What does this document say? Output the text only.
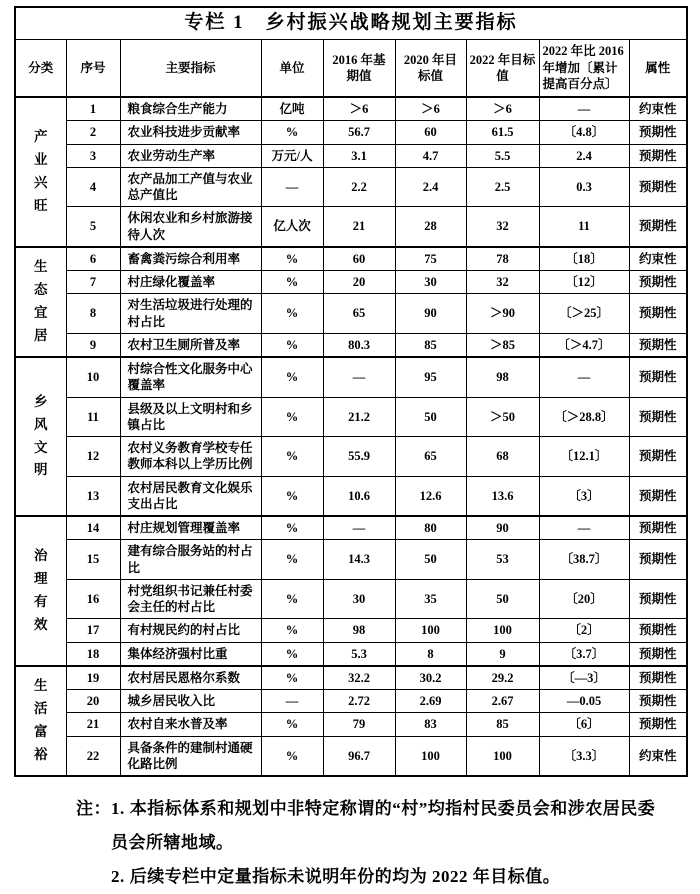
专栏 1　乡村振兴战略规划主要指标								
分类	序号	主要指标	单位	2016 年基期值	2020 年目标值	2022 年目标值	2022 年比 2016 年增加〔累计提高百分点〕	属性

产业兴旺	1	粮食综合生产能力	亿吨	＞6	＞6	＞6	—	约束性
	2	农业科技进步贡献率	%	56.7	60	61.5	〔4.8〕	预期性
	3	农业劳动生产率	万元/人	3.1	4.7	5.5	2.4	预期性
	4	农产品加工产值与农业总产值比	—	2.2	2.4	2.5	0.3	预期性
	5	休闲农业和乡村旅游接待人次	亿人次	21	28	32	11	预期性

生态宜居	6	畜禽粪污综合利用率	%	60	75	78	〔18〕	约束性
	7	村庄绿化覆盖率	%	20	30	32	〔12〕	预期性
	8	对生活垃圾进行处理的村占比	%	65	90	＞90	〔＞25〕	预期性
	9	农村卫生厕所普及率	%	80.3	85	＞85	〔＞4.7〕	预期性

乡风文明	10	村综合性文化服务中心覆盖率	%	—	95	98	—	预期性
	11	县级及以上文明村和乡镇占比	%	21.2	50	＞50	〔＞28.8〕	预期性
	12	农村义务教育学校专任教师本科以上学历比例	%	55.9	65	68	〔12.1〕	预期性
	13	农村居民教育文化娱乐支出占比	%	10.6	12.6	13.6	〔3〕	预期性

治理有效	14	村庄规划管理覆盖率	%	—	80	90	—	预期性
	15	建有综合服务站的村占比	%	14.3	50	53	〔38.7〕	预期性
	16	村党组织书记兼任村委会主任的村占比	%	30	35	50	〔20〕	预期性
	17	有村规民约的村占比	%	98	100	100	〔2〕	预期性
	18	集体经济强村比重	%	5.3	8	9	〔3.7〕	预期性

生活富裕	19	农村居民恩格尔系数	%	32.2	30.2	29.2	〔—3〕	预期性
	20	城乡居民收入比	—	2.72	2.69	2.67	—0.05	预期性
	21	农村自来水普及率	%	79	83	85	〔6〕	预期性
	22	具备条件的建制村通硬化路比例	%	96.7	100	100	〔3.3〕	约束性
注： 1. 本指标体系和规划中非特定称谓的“村”均指村民委员会和涉农居民委员会所辖地域。

2. 后续专栏中定量指标未说明年份的均为 2022 年目标值。
